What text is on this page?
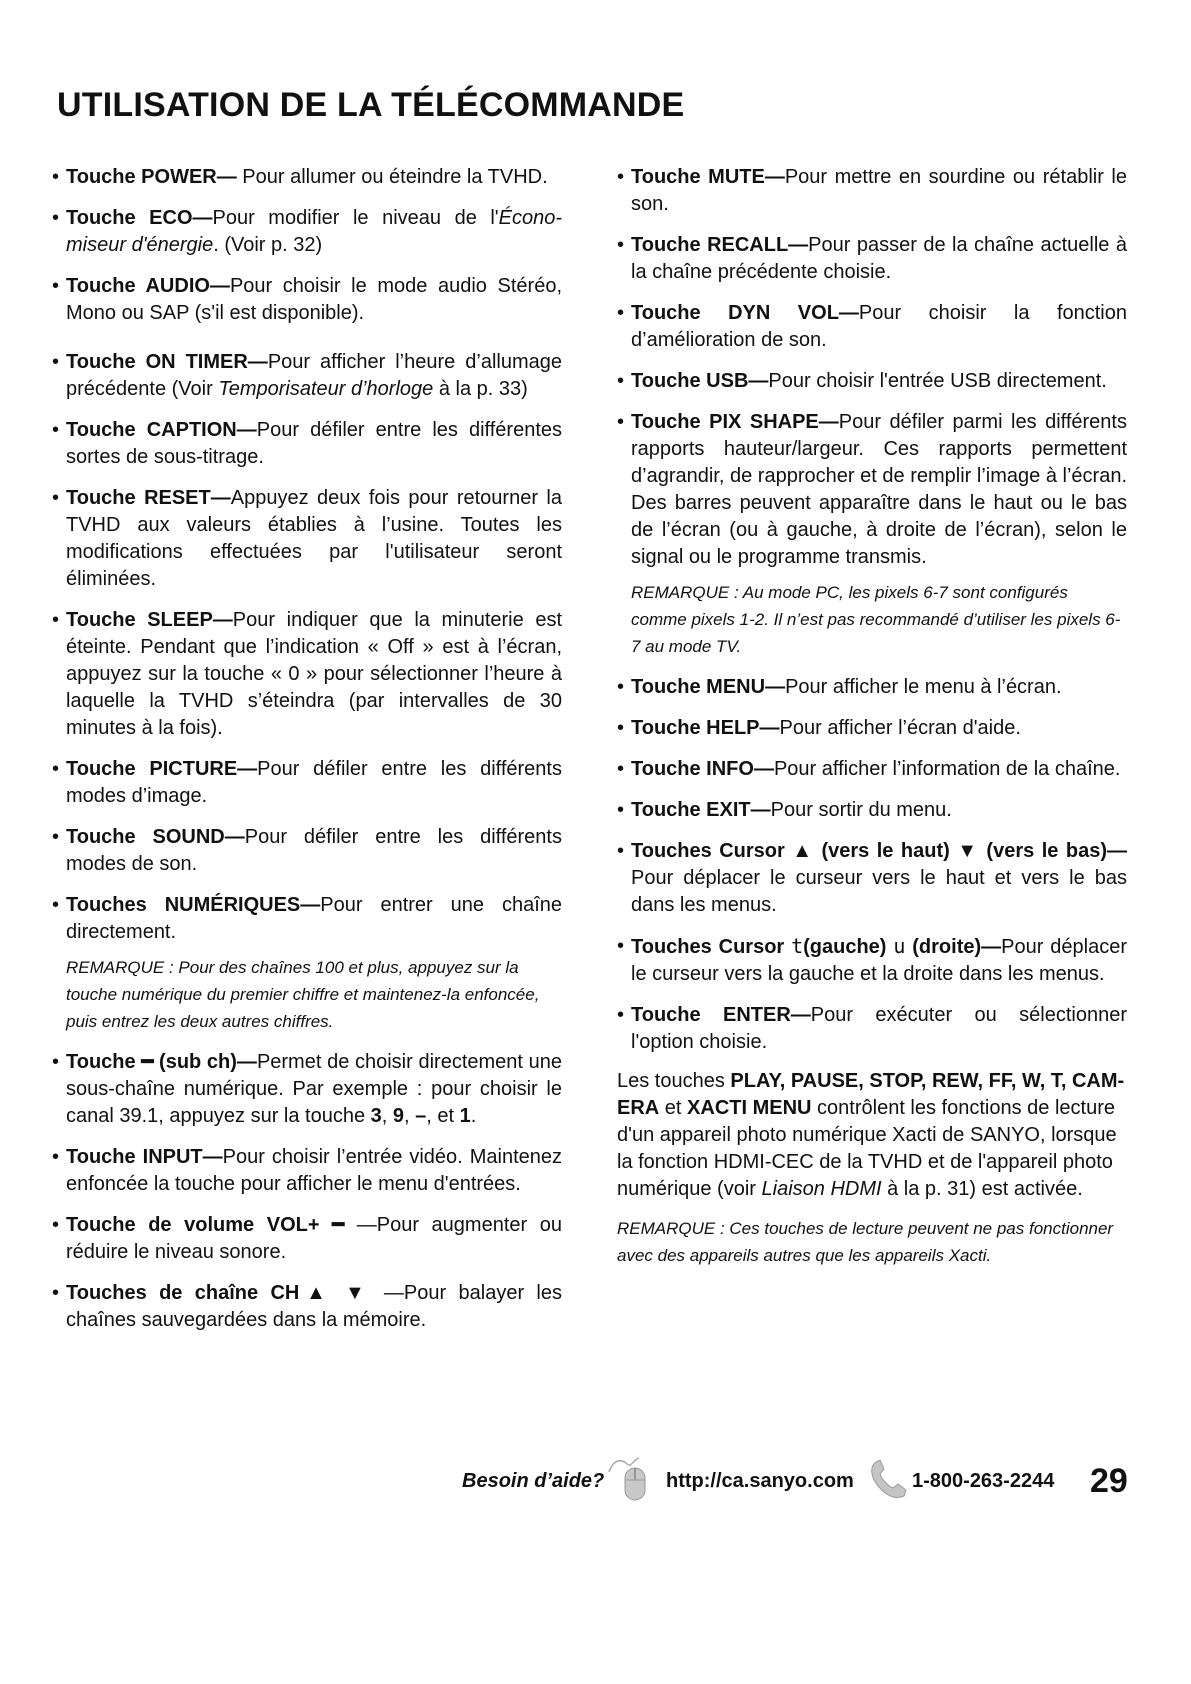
UTILISATION DE LA TÉLÉCOMMANDE
• Touche POWER— Pour allumer ou éteindre la TVHD.
• Touche ECO—Pour modifier le niveau de l'Écono-miseur d'énergie. (Voir p. 32)
• Touche AUDIO—Pour choisir le mode audio Stéréo, Mono ou SAP (s'il est disponible).
• Touche ON TIMER—Pour afficher l’heure d’allumage précédente (Voir Temporisateur d’horloge à la p. 33)
• Touche CAPTION—Pour défiler entre les différentes sortes de sous-titrage.
• Touche RESET—Appuyez deux fois pour retourner la TVHD aux valeurs établies à l’usine. Toutes les modifications effectuées par l'utilisateur seront éliminées.
• Touche SLEEP—Pour indiquer que la minuterie est éteinte. Pendant que l’indication « Off » est à l’écran, appuyez sur la touche « 0 » pour sélectionner l’heure à laquelle la TVHD s’éteindra (par intervalles de 30 minutes à la fois).
• Touche PICTURE—Pour défiler entre les différents modes d’image.
• Touche SOUND—Pour défiler entre les différents modes de son.
• Touches NUMÉRIQUES—Pour entrer une chaîne directement.
REMARQUE : Pour des chaînes 100 et plus, appuyez sur la touche numérique du premier chiffre et maintenez-la enfoncée, puis entrez les deux autres chiffres.
• Touche ━ (sub ch)—Permet de choisir directement une sous-chaîne numérique. Par exemple : pour choisir le canal 39.1, appuyez sur la touche 3, 9, –, et 1.
• Touche INPUT—Pour choisir l’entrée vidéo. Maintenez enfoncée la touche pour afficher le menu d'entrées.
• Touche de volume VOL+ ━ —Pour augmenter ou réduire le niveau sonore.
• Touches de chaîne CH▲ ▼ —Pour balayer les chaînes sauvegardées dans la mémoire.
• Touche MUTE—Pour mettre en sourdine ou rétablir le son.
• Touche RECALL—Pour passer de la chaîne actuelle à la chaîne précédente choisie.
• Touche DYN VOL—Pour choisir la fonction d’amélioration de son.
• Touche USB—Pour choisir l'entrée USB directement.
• Touche PIX SHAPE—Pour défiler parmi les différents rapports hauteur/largeur. Ces rapports permettent d’agrandir, de rapprocher et de remplir l’image à l’écran. Des barres peuvent apparaître dans le haut ou le bas de l’écran (ou à gauche, à droite de l’écran), selon le signal ou le programme transmis.
REMARQUE : Au mode PC, les pixels 6-7 sont configurés comme pixels 1-2. Il n’est pas recommandé d’utiliser les pixels 6-7 au mode TV.
• Touche MENU—Pour afficher le menu à l’écran.
• Touche HELP—Pour afficher l’écran d'aide.
• Touche INFO—Pour afficher l’information de la chaîne.
• Touche EXIT—Pour sortir du menu.
• Touches Cursor ▲ (vers le haut) ▼ (vers le bas)—Pour déplacer le curseur vers le haut et vers le bas dans les menus.
• Touches Cursor t(gauche) u (droite)—Pour déplacer le curseur vers la gauche et la droite dans les menus.
• Touche ENTER—Pour exécuter ou sélectionner l'option choisie.

Les touches PLAY, PAUSE, STOP, REW, FF, W, T, CAM-ERA et XACTI MENU contrôlent les fonctions de lecture d'un appareil photo numérique Xacti de SANYO, lorsque la fonction HDMI-CEC de la TVHD et de l'appareil photo numérique (voir Liaison HDMI à la p. 31) est activée.

REMARQUE : Ces touches de lecture peuvent ne pas fonctionner avec des appareils autres que les appareils Xacti.

Besoin d’aide?	http://ca.sanyo.com	1-800-263-2244 29
